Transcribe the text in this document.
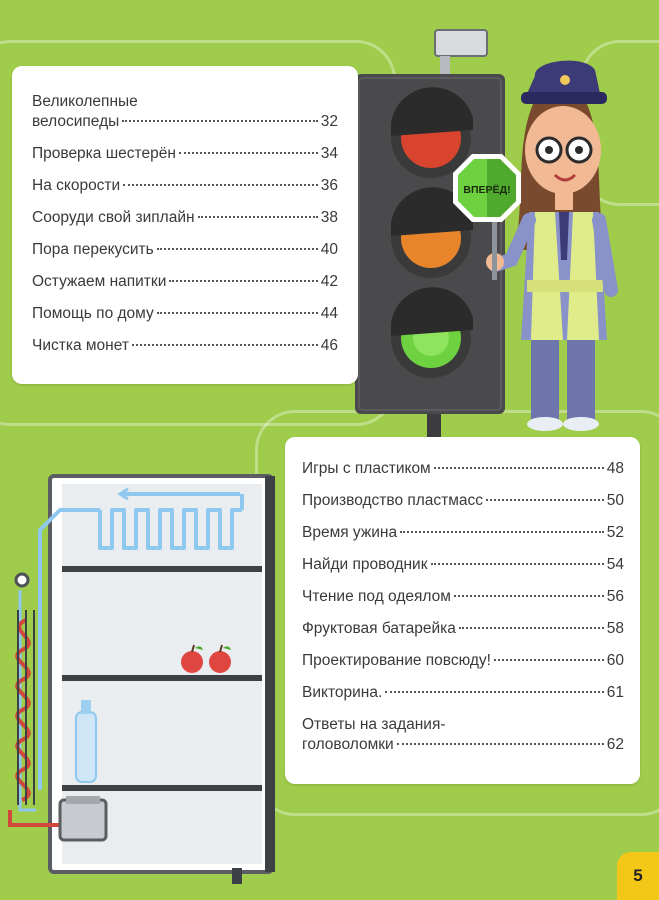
ВПЕРЁД!
Великолепные
велосипеды	32
Проверка шестерён	34
На скорости	36
Сооруди свой зиплайн	38
Пора перекусить	40
Остужаем напитки	42
Помощь по дому	44
Чистка монет	46
Игры с пластиком	48
Производство пластмасс	50
Время ужина	52
Найди проводник	54
Чтение под одеялом	56
Фруктовая батарейка	58
Проектирование повсюду!	60
Викторина.	61
Ответы на задания-
головоломки	62
5
